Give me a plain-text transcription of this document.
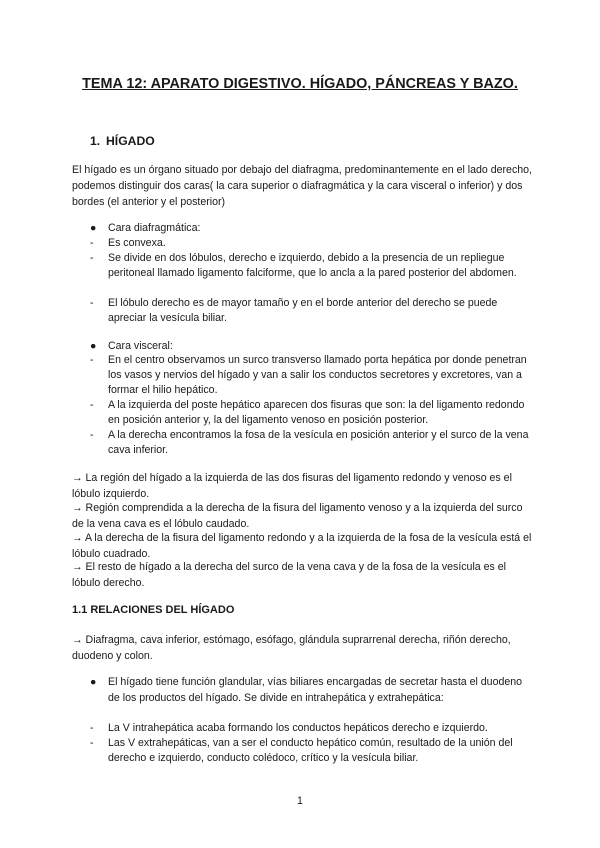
TEMA 12: APARATO DIGESTIVO. HÍGADO, PÁNCREAS Y BAZO.
1. HÍGADO
El hígado es un órgano situado por debajo del diafragma, predominantemente en el lado derecho, podemos distinguir dos caras( la cara superior o diafragmática y la cara visceral o inferior) y dos bordes (el anterior y el posterior)
●	Cara diafragmática:
- Es convexa.
- Se divide en dos lóbulos, derecho e izquierdo, debido a la presencia de un repliegue peritoneal llamado ligamento falciforme, que lo ancla a la pared posterior del abdomen.
- El lóbulo derecho es de mayor tamaño y en el borde anterior del derecho se puede apreciar la vesícula biliar.
●	Cara visceral:
- En el centro observamos un surco transverso llamado porta hepática por donde penetran los vasos y nervios del hígado y van a salir los conductos secretores y excretores, van a formar el hilio hepático.
- A la izquierda del poste hepático aparecen dos fisuras que son: la del ligamento redondo en posición anterior y, la del ligamento venoso en posición posterior.
- A la derecha encontramos la fosa de la vesícula en posición anterior y el surco de la vena cava inferior.
→ La región del hígado a la izquierda de las dos fisuras del ligamento redondo y venoso es el lóbulo izquierdo.
→ Región comprendida a la derecha de la fisura del ligamento venoso y a la izquierda del surco de la vena cava es el lóbulo caudado.
→ A la derecha de la fisura del ligamento redondo y a la izquierda de la fosa de la vesícula está el lóbulo cuadrado.
→ El resto de hígado a la derecha del surco de la vena cava y de la fosa de la vesícula es el lóbulo derecho.
1.1 RELACIONES DEL HÍGADO
→ Diafragma, cava inferior, estómago, esófago, glándula suprarrenal derecha, riñón derecho, duodeno y colon.
●	El hígado tiene función glandular, vías biliares encargadas de secretar hasta el duodeno de los productos del hígado. Se divide en intrahepática y extrahepática:
- La V intrahepática acaba formando los conductos hepáticos derecho e izquierdo.
- Las V extrahepáticas, van a ser el conducto hepático común, resultado de la unión del derecho e izquierdo, conducto colédoco, crítico y la vesícula biliar.
1
